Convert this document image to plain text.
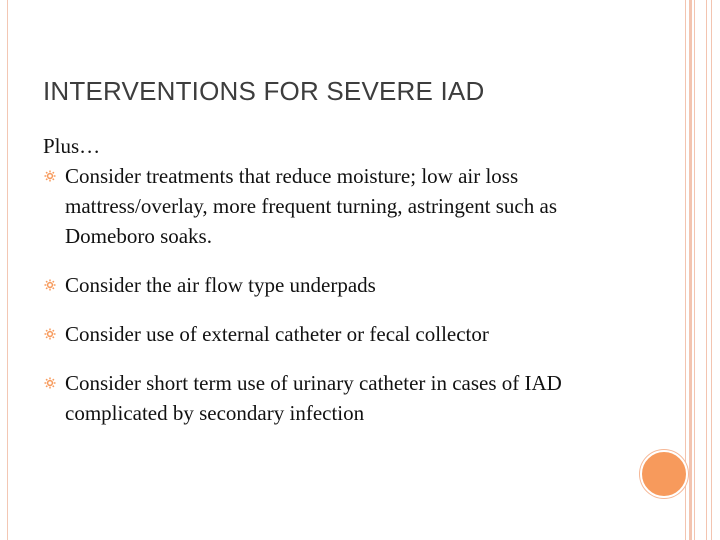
INTERVENTIONS FOR SEVERE IAD

Plus…

Consider treatments that reduce moisture; low air loss mattress/overlay, more frequent turning, astringent such as Domeboro soaks.
Consider the air flow type underpads
Consider use of external catheter or fecal collector
Consider short term use of urinary catheter in cases of IAD complicated by secondary infection
